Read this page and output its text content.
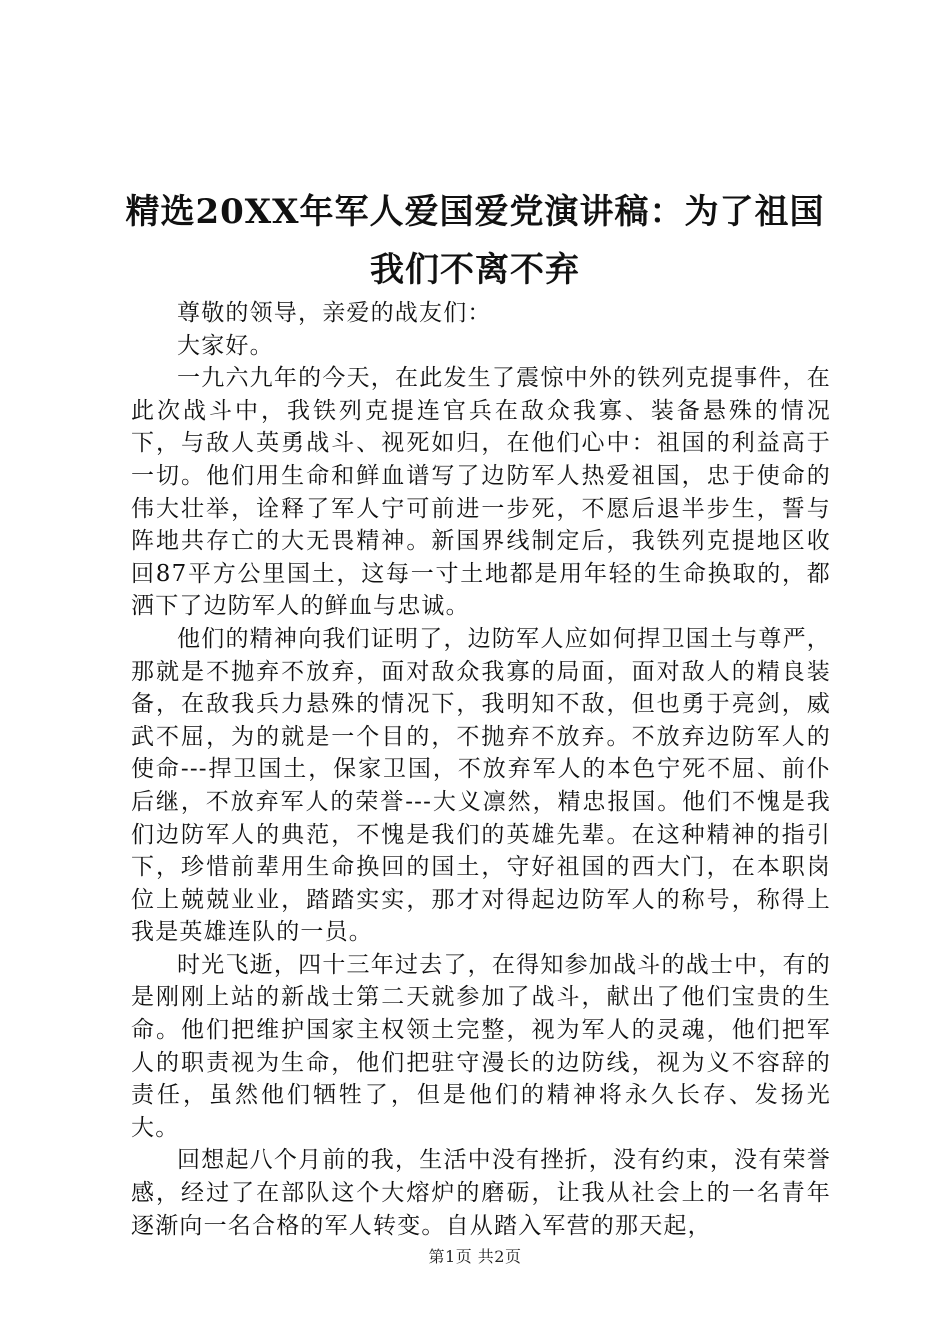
精选20XX年军人爱国爱党演讲稿：为了祖国我们不离不弃

尊敬的领导，亲爱的战友们：

大家好。

一九六九年的今天，在此发生了震惊中外的铁列克提事件，在此次战斗中，我铁列克提连官兵在敌众我寡、装备悬殊的情况下，与敌人英勇战斗、视死如归，在他们心中：祖国的利益高于一切。他们用生命和鲜血谱写了边防军人热爱祖国，忠于使命的伟大壮举，诠释了军人宁可前进一步死，不愿后退半步生，誓与阵地共存亡的大无畏精神。新国界线制定后，我铁列克提地区收回87平方公里国土，这每一寸土地都是用年轻的生命换取的，都洒下了边防军人的鲜血与忠诚。

他们的精神向我们证明了，边防军人应如何捍卫国土与尊严，那就是不抛弃不放弃，面对敌众我寡的局面，面对敌人的精良装备，在敌我兵力悬殊的情况下，我明知不敌，但也勇于亮剑，威武不屈，为的就是一个目的，不抛弃不放弃。不放弃边防军人的使命---捍卫国土，保家卫国，不放弃军人的本色宁死不屈、前仆后继，不放弃军人的荣誉---大义凛然，精忠报国。他们不愧是我们边防军人的典范，不愧是我们的英雄先辈。在这种精神的指引下，珍惜前辈用生命换回的国土，守好祖国的西大门，在本职岗位上兢兢业业，踏踏实实，那才对得起边防军人的称号，称得上我是英雄连队的一员。

时光飞逝，四十三年过去了，在得知参加战斗的战士中，有的是刚刚上站的新战士第二天就参加了战斗，献出了他们宝贵的生命。他们把维护国家主权领土完整，视为军人的灵魂，他们把军人的职责视为生命，他们把驻守漫长的边防线，视为义不容辞的责任，虽然他们牺牲了，但是他们的精神将永久长存、发扬光大。

回想起八个月前的我，生活中没有挫折，没有约束，没有荣誉感，经过了在部队这个大熔炉的磨砺，让我从社会上的一名青年逐渐向一名合格的军人转变。自从踏入军营的那天起，

第1页 共2页
